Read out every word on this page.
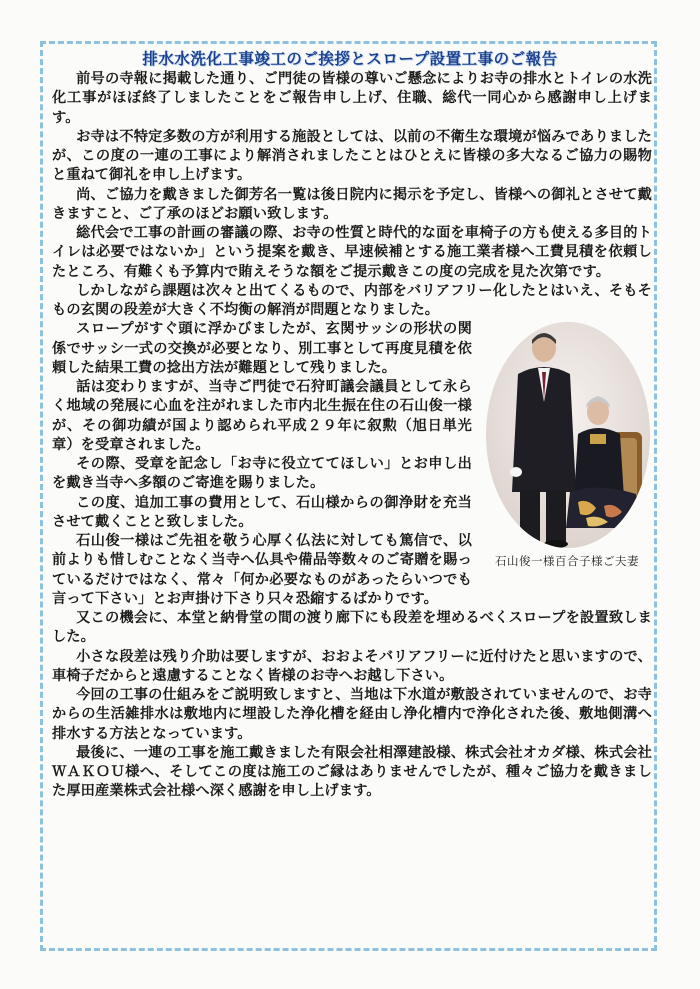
排水水洗化工事竣工のご挨拶とスロープ設置工事のご報告

前号の寺報に掲載した通り、ご門徒の皆様の尊いご懸念によりお寺の排水とトイレの水洗化工事がほぼ終了しましたことをご報告申し上げ、住職、総代一同心から感謝申し上げます。

お寺は不特定多数の方が利用する施設としては、以前の不衛生な環境が悩みでありましたが、この度の一連の工事により解消されましたことはひとえに皆様の多大なるご協力の賜物と重ねて御礼を申し上げます。

尚、ご協力を戴きました御芳名一覧は後日院内に掲示を予定し、皆様への御礼とさせて戴きますこと、ご了承のほどお願い致します。

総代会で工事の計画の審議の際、お寺の性質と時代的な面を車椅子の方も使える多目的トイレは必要ではないか」という提案を戴き、早速候補とする施工業者様へ工費見積を依頼したところ、有難くも予算内で賄えそうな額をご提示戴きこの度の完成を見た次第です。

しかしながら課題は次々と出てくるもので、内部をバリアフリー化したとはいえ、そもそもの玄関の段差が大きく不均衡の解消が問題となりました。

石山俊一様百合子様ご夫妻

スロープがすぐ頭に浮かびましたが、玄関サッシの形状の関係でサッシ一式の交換が必要となり、別工事として再度見積を依頼した結果工費の捻出方法が難題として残りました。

話は変わりますが、当寺ご門徒で石狩町議会議員として永らく地域の発展に心血を注がれました市内北生振在住の石山俊一様が、その御功績が国より認められ平成２９年に叙勲（旭日単光章）を受章されました。

その際、受章を記念し「お寺に役立ててほしい」とお申し出を戴き当寺へ多額のご寄進を賜りました。

この度、追加工事の費用として、石山様からの御浄財を充当させて戴くことと致しました。

石山俊一様はご先祖を敬う心厚く仏法に対しても篤信で、以前よりも惜しむことなく当寺へ仏具や備品等数々のご寄贈を賜っているだけではなく、常々「何か必要なものがあったらいつでも言って下さい」とお声掛け下さり只々恐縮するばかりです。

又この機会に、本堂と納骨堂の間の渡り廊下にも段差を埋めるべくスロープを設置致しました。

小さな段差は残り介助は要しますが、おおよそバリアフリーに近付けたと思いますので、車椅子だからと遠慮することなく皆様のお寺へお越し下さい。

今回の工事の仕組みをご説明致しますと、当地は下水道が敷設されていませんので、お寺からの生活雑排水は敷地内に埋設した浄化槽を経由し浄化槽内で浄化された後、敷地側溝へ排水する方法となっています。

最後に、一連の工事を施工戴きました有限会社相澤建設様、株式会社オカダ様、株式会社ＷＡＫＯＵ様へ、そしてこの度は施工のご縁はありませんでしたが、種々ご協力を戴きました厚田産業株式会社様へ深く感謝を申し上げます。
